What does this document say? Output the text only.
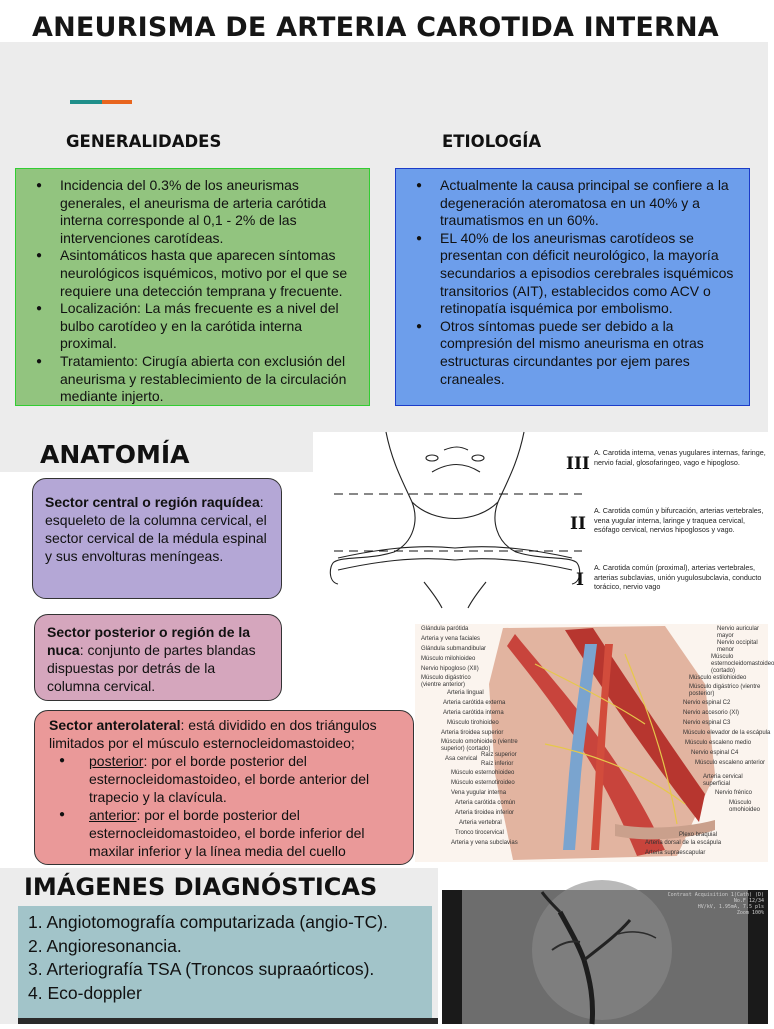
ANEURISMA DE ARTERIA CAROTIDA INTERNA
GENERALIDADES	ETIOLOGÍA
● Incidencia del 0.3% de los aneurismas generales, el aneurisma de arteria carótida interna corresponde al 0,1 - 2% de las intervenciones carotídeas.
● Asintomáticos hasta que aparecen síntomas neurológicos isquémicos, motivo por el que se requiere una detección temprana y frecuente.
● Localización: La más frecuente es a nivel del bulbo carotídeo y en la carótida interna proximal.
● Tratamiento: Cirugía abierta con exclusión del aneurisma y restablecimiento de la circulación mediante injerto.
● Actualmente la causa principal se confiere a la degeneración ateromatosa en un 40% y a traumatismos en un 60%.
● EL 40% de los aneurismas carotídeos se presentan con déficit neurológico, la mayoría secundarios a episodios cerebrales isquémicos transitorios (AIT), establecidos como ACV o retinopatía isquémica por embolismo.
● Otros síntomas puede ser debido a la compresión del mismo aneurisma en otras estructuras circundantes por ejem pares craneales.
ANATOMÍA
Sector central o región raquídea: esqueleto de la columna cervical, el sector cervical de la médula espinal y sus envolturas meníngeas.
Sector posterior o región de la nuca: conjunto de partes blandas dispuestas por detrás de la columna cervical.
Sector anterolateral: está dividido en dos triángulos limitados por el músculo esternocleidomastoideo;
● posterior: por el borde posterior del esternocleidomastoideo, el borde anterior del trapecio y la clavícula.
● anterior: por el borde posterior del esternocleidomastoideo, el borde inferior del maxilar inferior y la línea media del cuello
III
II
I
A. Carotida interna, venas yugulares internas, faringe, nervio facial, glosofaringeo, vago e hipogloso.
A. Carotida común y bifurcación, arterias vertebrales, vena yugular interna, laringe y traquea cervical, esófago cervical, nervios hipoglosos y vago.
A. Carotida común (proximal), arterias vertebrales, arterias subclavias, unión yugulosubclavia, conducto torácico, nervio vago
Glándula parótida
Arteria y vena faciales
Glándula submandibular
Músculo milohioideo
Nervio hipogloso (XII)
Músculo digástrico (vientre anterior)
Arteria lingual
Arteria carótida externa
Arteria carótida interna
Músculo tirohioideo
Arteria tiroidea superior
Músculo omohioideo (vientre superior) (cortado)
Asa cervical
Raíz superior
Raíz inferior
Músculo esternohioideo
Músculo esternotiroideo
Vena yugular interna
Arteria carótida común
Arteria tiroidea inferior
Arteria vertebral
Tronco tirocervical
Arteria y vena subclavias
Nervio auricular mayor
Nervio occipital menor
Músculo esternocleidomastoideo (cortado)
Músculo estilohioideo
Músculo digástrico (vientre posterior)
Nervio espinal C2
Nervio accesorio (XI)
Nervio espinal C3
Músculo elevador de la escápula
Músculo escaleno medio
Nervio espinal C4
Músculo escaleno anterior
Arteria cervical superficial
Nervio frénico
Músculo omohioideo
Plexo braquial
Arteria dorsal de la escápula
Arteria supraescapular
IMÁGENES DIAGNÓSTICAS
1. Angiotomografía computarizada (angio-TC).
2. Angioresonancia.
3. Arteriografía TSA (Troncos supraaórticos).
4. Eco-doppler
Contrast Acquisition 1(Cath) (D)
No.F 12/34
HV/kV, 1.95mA, 7.5 pls
Zoom 100%
